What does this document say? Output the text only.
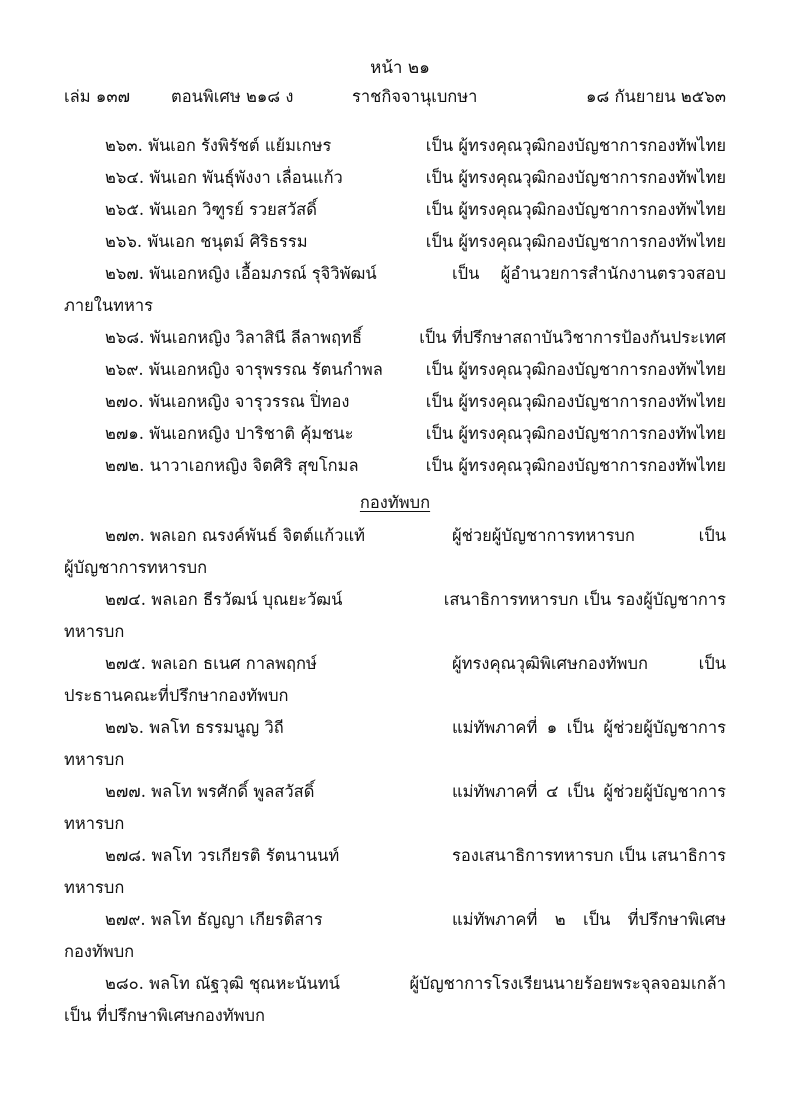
หน้า ๒๑
เล่ม ๑๓๗ ตอนพิเศษ ๒๑๘ ง	ราชกิจจานุเบกษา	๑๘ กันยายน ๒๕๖๓
๒๖๓. พันเอก รังพิรัชต์ แย้มเกษร	เป็น ผู้ทรงคุณวุฒิกองบัญชาการกองทัพไทย
๒๖๔. พันเอก พันธุ์พังงา เลื่อนแก้ว	เป็น ผู้ทรงคุณวุฒิกองบัญชาการกองทัพไทย
๒๖๕. พันเอก วิฑูรย์ รวยสวัสดิ์	เป็น ผู้ทรงคุณวุฒิกองบัญชาการกองทัพไทย
๒๖๖. พันเอก ชนุตม์ ศิริธรรม	เป็น ผู้ทรงคุณวุฒิกองบัญชาการกองทัพไทย
๒๖๗. พันเอกหญิง เอื้อมภรณ์ รุจิวิพัฒน์	เป็น ผู้อำนวยการสำนักงานตรวจสอบ
ภายในทหาร
๒๖๘. พันเอกหญิง วิลาสินี ลีลาพฤทธิ์	เป็น ที่ปรึกษาสถาบันวิชาการป้องกันประเทศ
๒๖๙. พันเอกหญิง จารุพรรณ รัตนกำพล	เป็น ผู้ทรงคุณวุฒิกองบัญชาการกองทัพไทย
๒๗๐. พันเอกหญิง จารุวรรณ ปิ่ทอง	เป็น ผู้ทรงคุณวุฒิกองบัญชาการกองทัพไทย
๒๗๑. พันเอกหญิง ปาริชาติ คุ้มชนะ	เป็น ผู้ทรงคุณวุฒิกองบัญชาการกองทัพไทย
๒๗๒. นาวาเอกหญิง จิตศิริ สุขโกมล	เป็น ผู้ทรงคุณวุฒิกองบัญชาการกองทัพไทย
กองทัพบก
๒๗๓. พลเอก ณรงค์พันธ์ จิตต์แก้วแท้	ผู้ช่วยผู้บัญชาการทหารบก เป็น
ผู้บัญชาการทหารบก
๒๗๔. พลเอก ธีรวัฒน์ บุณยะวัฒน์	เสนาธิการทหารบก เป็น รองผู้บัญชาการ
ทหารบก
๒๗๕. พลเอก ธเนศ กาลพฤกษ์	ผู้ทรงคุณวุฒิพิเศษกองทัพบก เป็น
ประธานคณะที่ปรึกษากองทัพบก
๒๗๖. พลโท ธรรมนูญ วิถี	แม่ทัพภาคที่ ๑ เป็น ผู้ช่วยผู้บัญชาการ
ทหารบก
๒๗๗. พลโท พรศักดิ์ พูลสวัสดิ์	แม่ทัพภาคที่ ๔ เป็น ผู้ช่วยผู้บัญชาการ
ทหารบก
๒๗๘. พลโท วรเกียรติ รัตนานนท์	รองเสนาธิการทหารบก เป็น เสนาธิการ
ทหารบก
๒๗๙. พลโท ธัญญา เกียรติสาร	แม่ทัพภาคที่ ๒ เป็น ที่ปรึกษาพิเศษ
กองทัพบก
๒๘๐. พลโท ณัฐวุฒิ ชุณหะนันทน์	ผู้บัญชาการโรงเรียนนายร้อยพระจุลจอมเกล้า
เป็น ที่ปรึกษาพิเศษกองทัพบก
